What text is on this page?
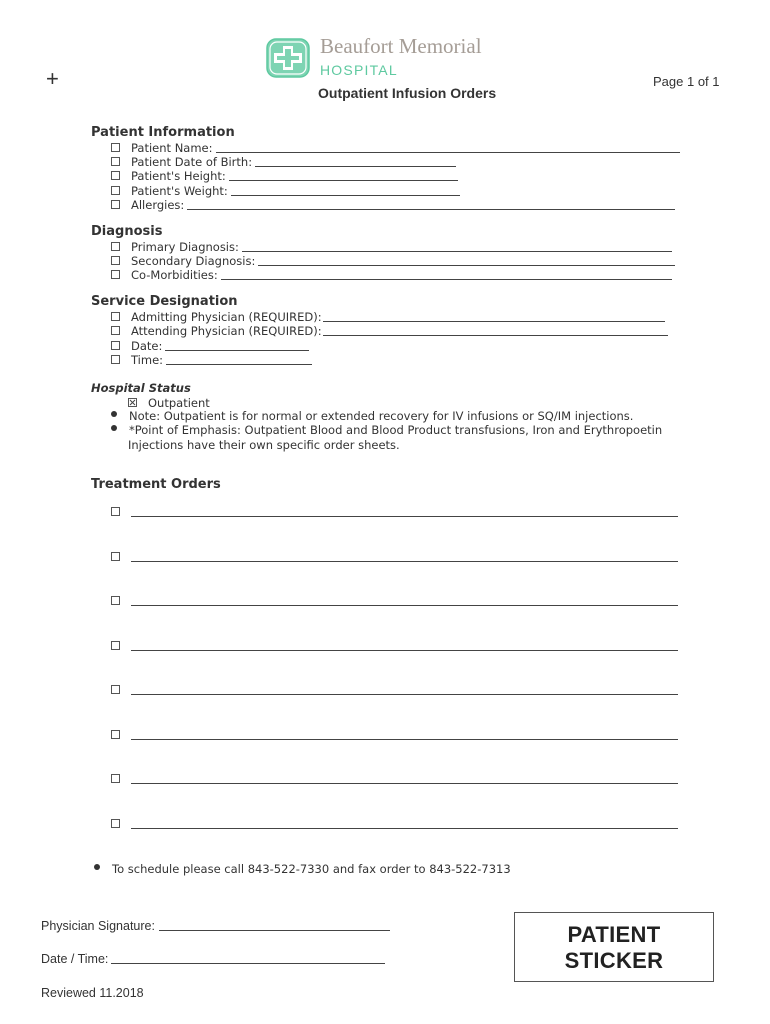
+
Beaufort Memorial
HOSPITAL
Page 1 of 1
Outpatient Infusion Orders
Patient Information
Patient Name:
Patient Date of Birth:
Patient's Height:
Patient's Weight:
Allergies:
Diagnosis
Primary Diagnosis:
Secondary Diagnosis:
Co-Morbidities:
Service Designation
Admitting Physician (REQUIRED):
Attending Physician (REQUIRED):
Date:
Time:
Hospital Status
Outpatient
Note: Outpatient is for normal or extended recovery for IV infusions or SQ/IM injections.
*Point of Emphasis: Outpatient Blood and Blood Product transfusions, Iron and Erythropoetin
Injections have their own specific order sheets.
Treatment Orders
To schedule please call 843-522-7330 and fax order to 843-522-7313
Physician Signature:
Date / Time:
Reviewed 11.2018
PATIENT STICKER
